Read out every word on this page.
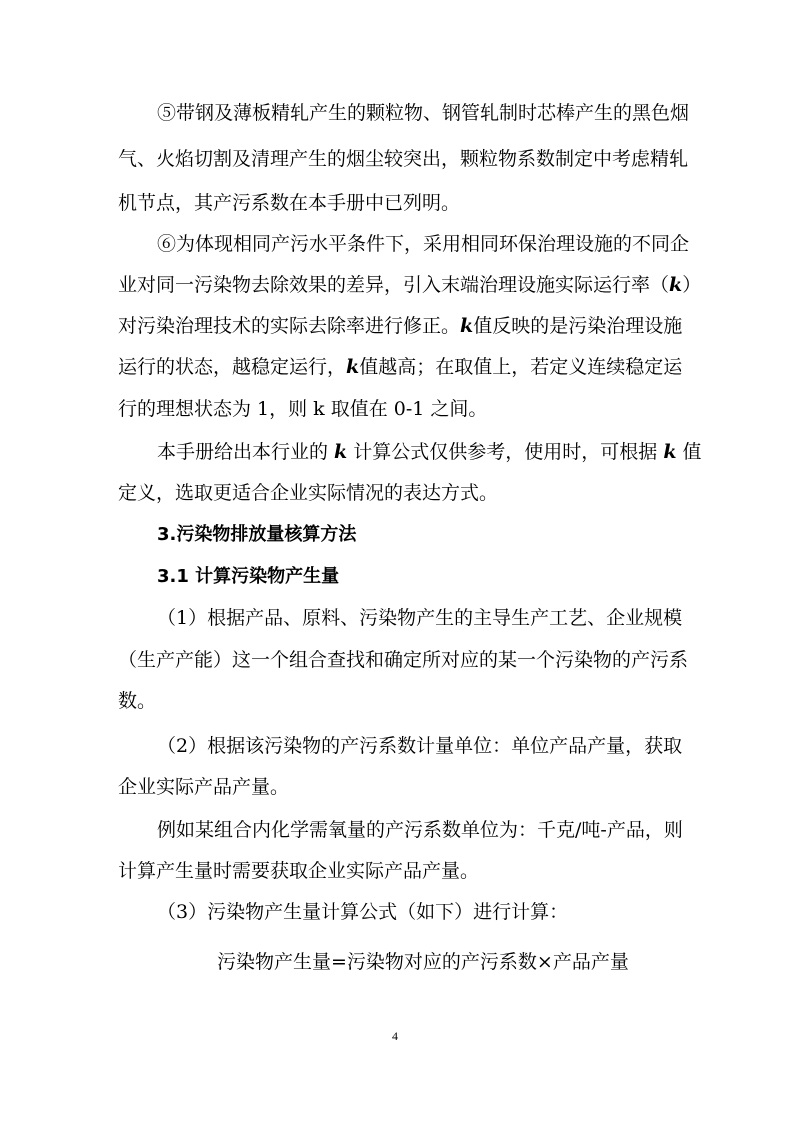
⑤带钢及薄板精轧产生的颗粒物、钢管轧制时芯棒产生的黑色烟
气、火焰切割及清理产生的烟尘较突出，颗粒物系数制定中考虑精轧
机节点，其产污系数在本手册中已列明。
⑥为体现相同产污水平条件下，采用相同环保治理设施的不同企
业对同一污染物去除效果的差异，引入末端治理设施实际运行率（k）
对污染治理技术的实际去除率进行修正。k值反映的是污染治理设施
运行的状态，越稳定运行，k值越高；在取值上，若定义连续稳定运
行的理想状态为 1，则 k 取值在 0-1 之间。
本手册给出本行业的 k 计算公式仅供参考，使用时，可根据 k 值
定义，选取更适合企业实际情况的表达方式。
3.污染物排放量核算方法
3.1 计算污染物产生量
（1）根据产品、原料、污染物产生的主导生产工艺、企业规模
（生产产能）这一个组合查找和确定所对应的某一个污染物的产污系
数。
（2）根据该污染物的产污系数计量单位：单位产品产量，获取
企业实际产品产量。
例如某组合内化学需氧量的产污系数单位为：千克/吨-产品，则
计算产生量时需要获取企业实际产品产量。
（3）污染物产生量计算公式（如下）进行计算：
污染物产生量=污染物对应的产污系数×产品产量
4
